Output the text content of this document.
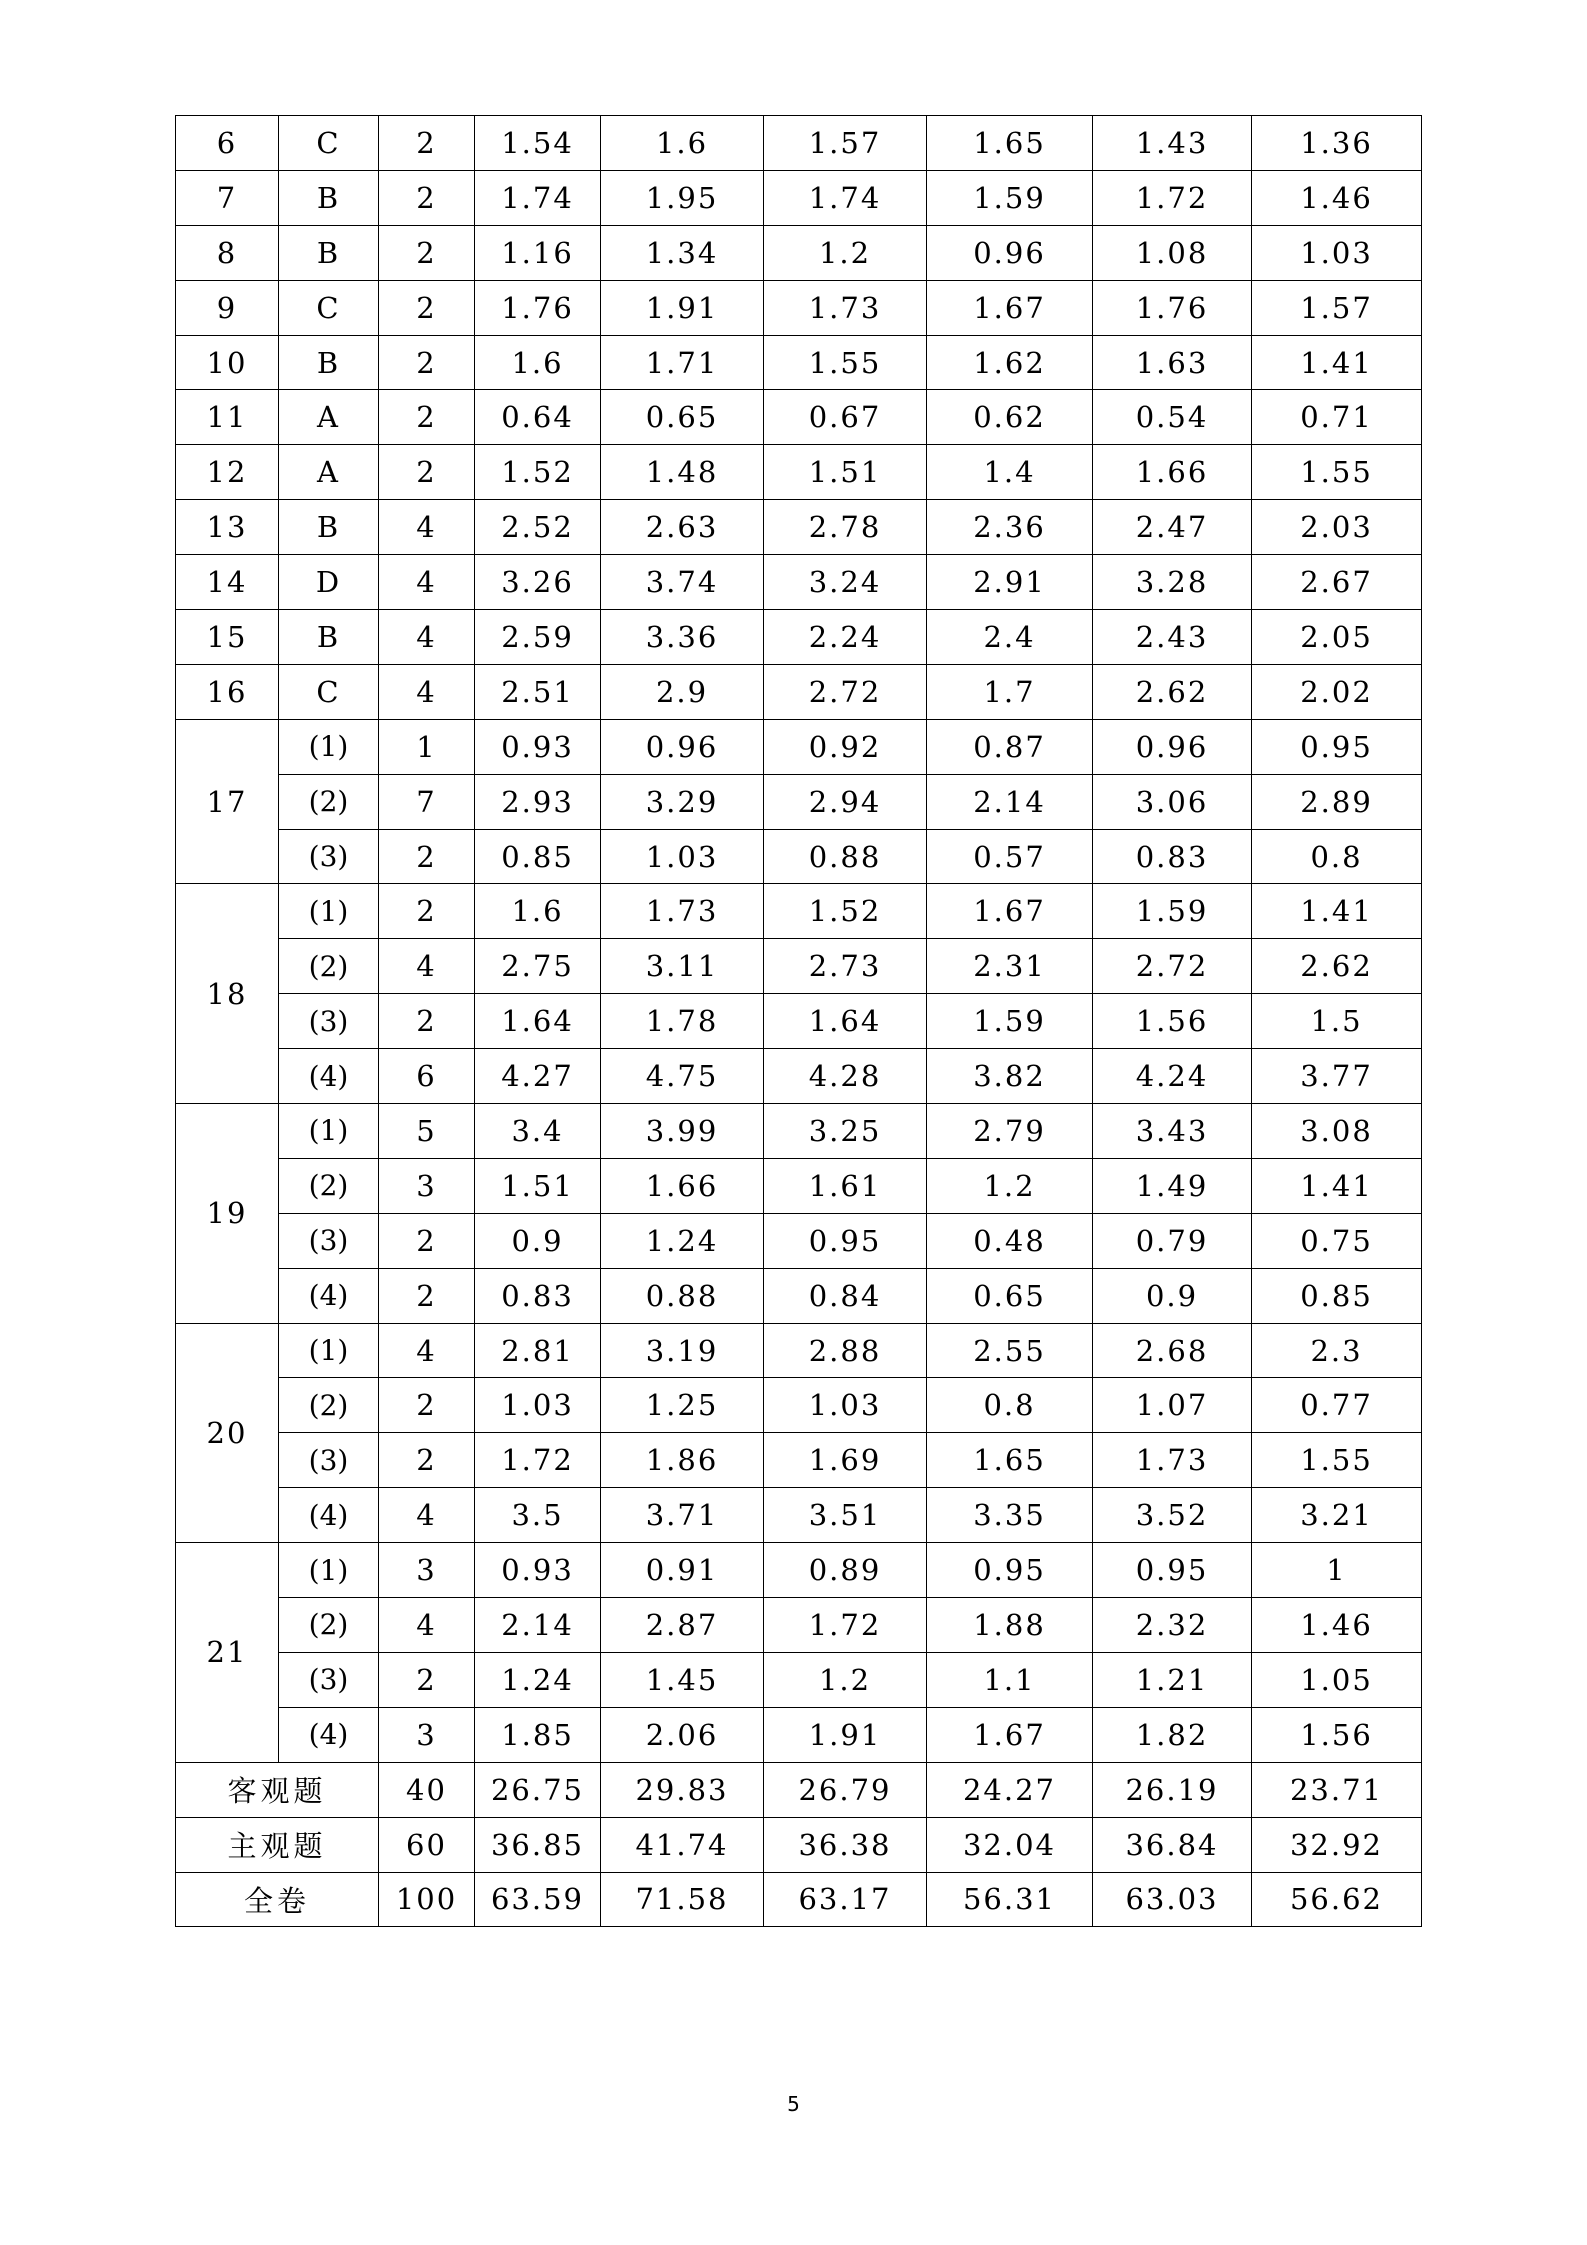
6	C	2	1.54	1.6	1.57	1.65	1.43	1.36
7	B	2	1.74	1.95	1.74	1.59	1.72	1.46
8	B	2	1.16	1.34	1.2	0.96	1.08	1.03
9	C	2	1.76	1.91	1.73	1.67	1.76	1.57
10	B	2	1.6	1.71	1.55	1.62	1.63	1.41
11	A	2	0.64	0.65	0.67	0.62	0.54	0.71
12	A	2	1.52	1.48	1.51	1.4	1.66	1.55
13	B	4	2.52	2.63	2.78	2.36	2.47	2.03
14	D	4	3.26	3.74	3.24	2.91	3.28	2.67
15	B	4	2.59	3.36	2.24	2.4	2.43	2.05
16	C	4	2.51	2.9	2.72	1.7	2.62	2.02
17	(1)	1	0.93	0.96	0.92	0.87	0.96	0.95
	(2)	7	2.93	3.29	2.94	2.14	3.06	2.89
	(3)	2	0.85	1.03	0.88	0.57	0.83	0.8
18	(1)	2	1.6	1.73	1.52	1.67	1.59	1.41
	(2)	4	2.75	3.11	2.73	2.31	2.72	2.62
	(3)	2	1.64	1.78	1.64	1.59	1.56	1.5
	(4)	6	4.27	4.75	4.28	3.82	4.24	3.77
19	(1)	5	3.4	3.99	3.25	2.79	3.43	3.08
	(2)	3	1.51	1.66	1.61	1.2	1.49	1.41
	(3)	2	0.9	1.24	0.95	0.48	0.79	0.75
	(4)	2	0.83	0.88	0.84	0.65	0.9	0.85
20	(1)	4	2.81	3.19	2.88	2.55	2.68	2.3
	(2)	2	1.03	1.25	1.03	0.8	1.07	0.77
	(3)	2	1.72	1.86	1.69	1.65	1.73	1.55
	(4)	4	3.5	3.71	3.51	3.35	3.52	3.21
21	(1)	3	0.93	0.91	0.89	0.95	0.95	1
	(2)	4	2.14	2.87	1.72	1.88	2.32	1.46
	(3)	2	1.24	1.45	1.2	1.1	1.21	1.05
	(4)	3	1.85	2.06	1.91	1.67	1.82	1.56
客观题		40	26.75	29.83	26.79	24.27	26.19	23.71
主观题		60	36.85	41.74	36.38	32.04	36.84	32.92
全卷		100	63.59	71.58	63.17	56.31	63.03	56.62
5
